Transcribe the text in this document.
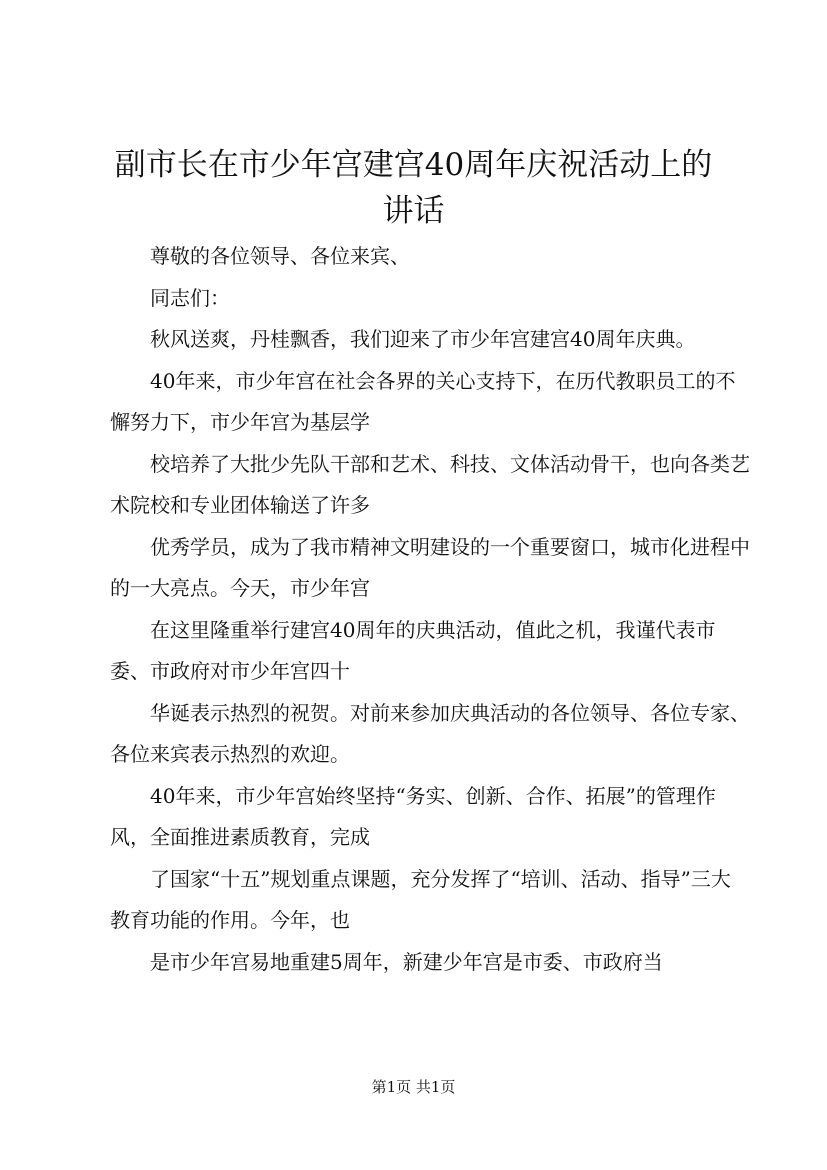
副市长在市少年宫建宫40周年庆祝活动上的讲话

尊敬的各位领导、各位来宾、

同志们：

秋风送爽，丹桂飘香，我们迎来了市少年宫建宫40周年庆典。

40年来，市少年宫在社会各界的关心支持下，在历代教职员工的不懈努力下，市少年宫为基层学

校培养了大批少先队干部和艺术、科技、文体活动骨干，也向各类艺术院校和专业团体输送了许多

优秀学员，成为了我市精神文明建设的一个重要窗口，城市化进程中的一大亮点。今天，市少年宫

在这里隆重举行建宫40周年的庆典活动，值此之机，我谨代表市委、市政府对市少年宫四十

华诞表示热烈的祝贺。对前来参加庆典活动的各位领导、各位专家、各位来宾表示热烈的欢迎。

40年来，市少年宫始终坚持“务实、创新、合作、拓展”的管理作风，全面推进素质教育，完成

了国家“十五”规划重点课题，充分发挥了“培训、活动、指导”三大教育功能的作用。今年，也

是市少年宫易地重建5周年，新建少年宫是市委、市政府当

第1页 共1页
